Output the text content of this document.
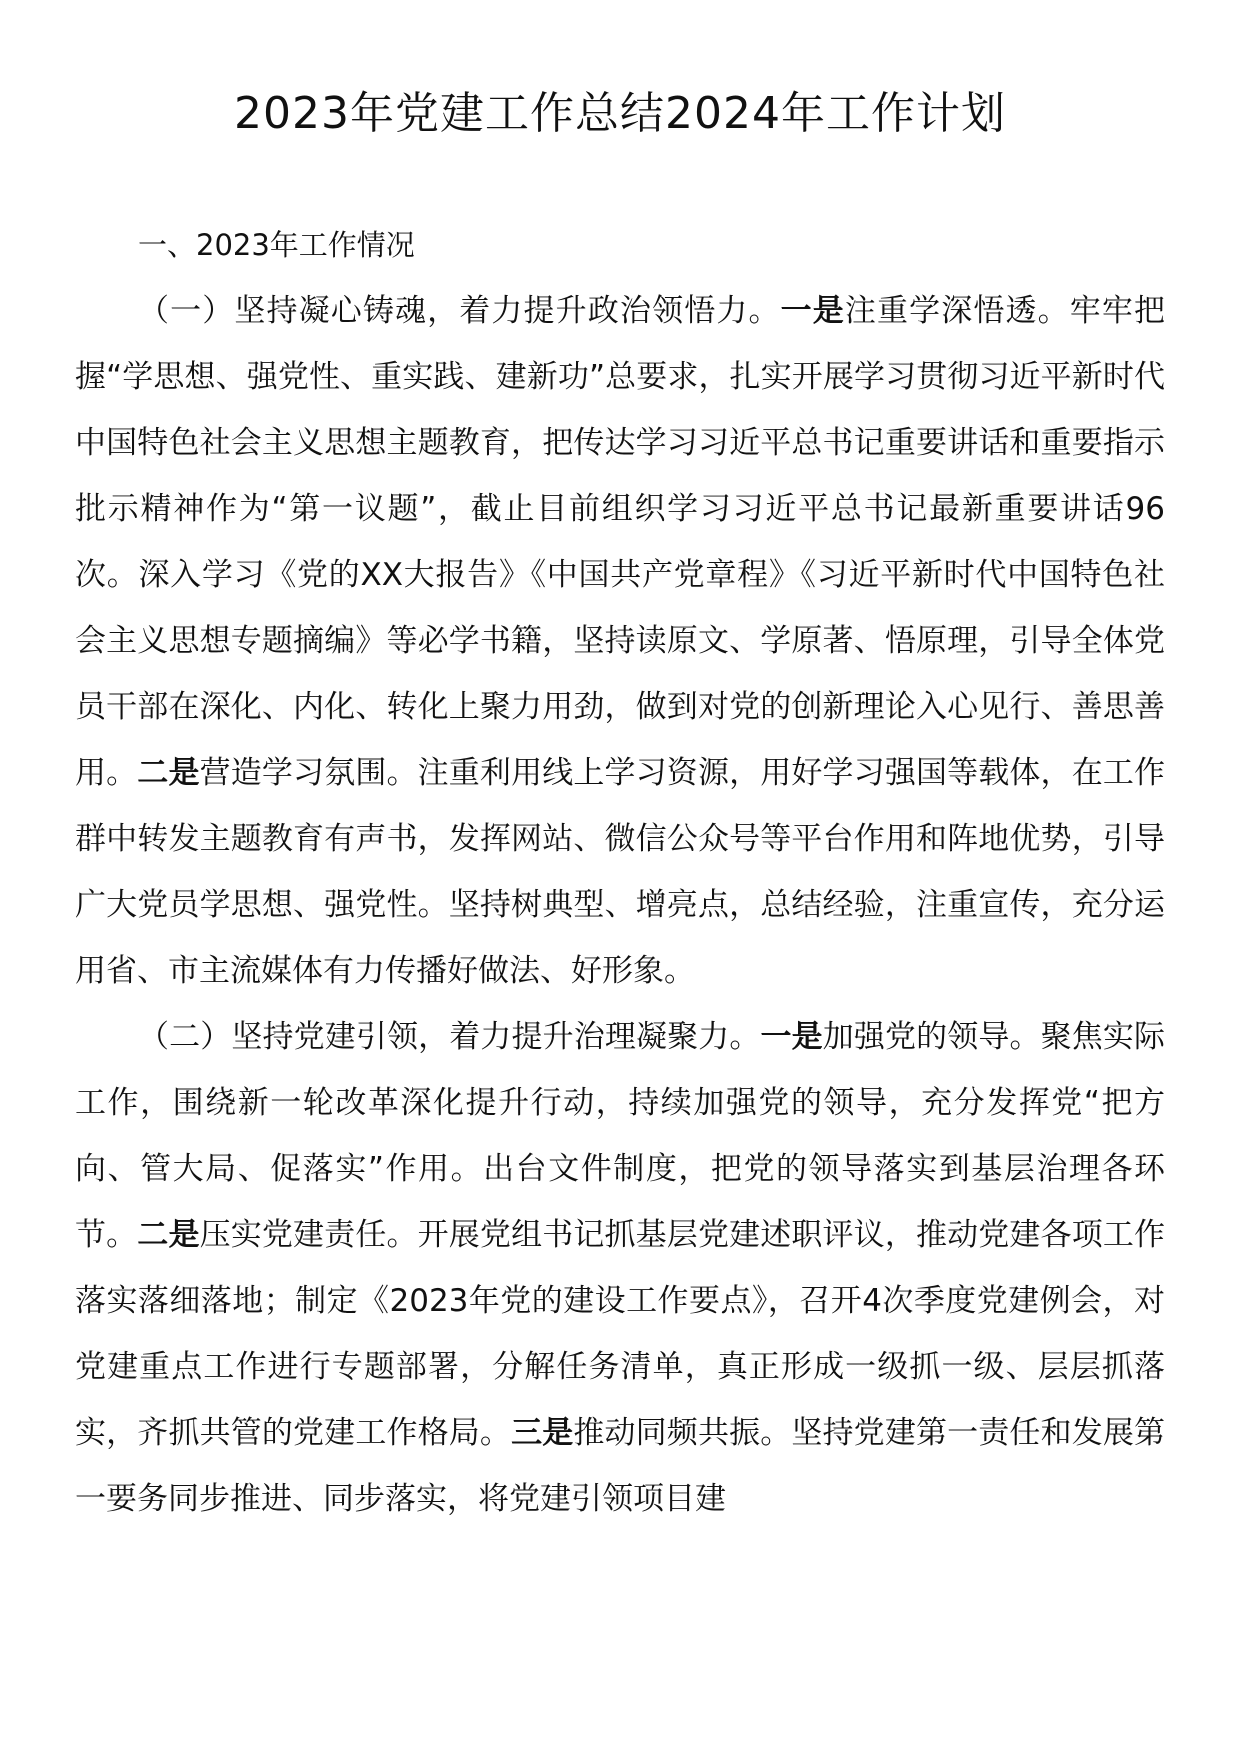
2023年党建工作总结2024年工作计划
一、2023年工作情况

（一）坚持凝心铸魂，着力提升政治领悟力。一是注重学深悟透。牢牢把握“学思想、强党性、重实践、建新功”总要求，扎实开展学习贯彻习近平新时代中国特色社会主义思想主题教育，把传达学习习近平总书记重要讲话和重要指示批示精神作为“第一议题”，截止目前组织学习习近平总书记最新重要讲话96次。深入学习《党的XX大报告》《中国共产党章程》《习近平新时代中国特色社会主义思想专题摘编》等必学书籍，坚持读原文、学原著、悟原理，引导全体党员干部在深化、内化、转化上聚力用劲，做到对党的创新理论入心见行、善思善用。二是营造学习氛围。注重利用线上学习资源，用好学习强国等载体，在工作群中转发主题教育有声书，发挥网站、微信公众号等平台作用和阵地优势，引导广大党员学思想、强党性。坚持树典型、增亮点，总结经验，注重宣传，充分运用省、市主流媒体有力传播好做法、好形象。

（二）坚持党建引领，着力提升治理凝聚力。一是加强党的领导。聚焦实际工作，围绕新一轮改革深化提升行动，持续加强党的领导，充分发挥党“把方向、管大局、促落实”作用。出台文件制度，把党的领导落实到基层治理各环节。二是压实党建责任。开展党组书记抓基层党建述职评议，推动党建各项工作落实落细落地；制定《2023年党的建设工作要点》，召开4次季度党建例会，对党建重点工作进行专题部署，分解任务清单，真正形成一级抓一级、层层抓落实，齐抓共管的党建工作格局。三是推动同频共振。坚持党建第一责任和发展第一要务同步推进、同步落实，将党建引领项目建
